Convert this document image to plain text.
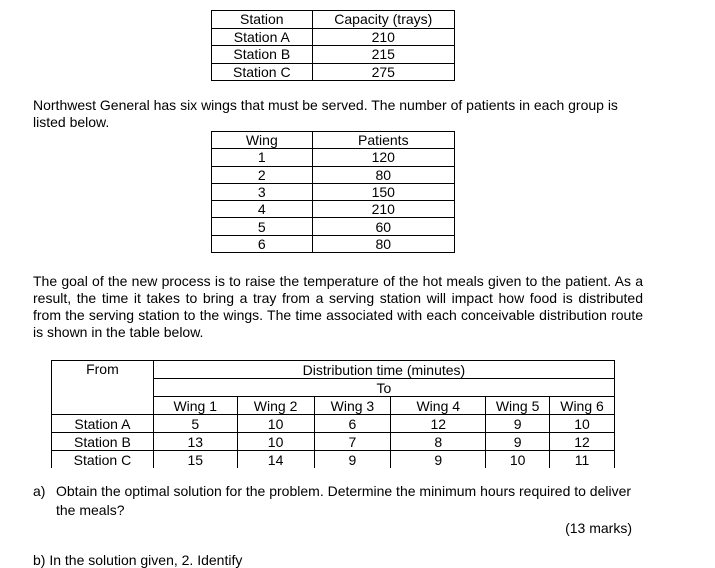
Station	Capacity (trays)
Station A	210
Station B	215
Station C	275
Northwest General has six wings that must be served. The number of patients in each group is listed below.
Wing	Patients
1	120
2	80
3	150
4	210
5	60
6	80
The goal of the new process is to raise the temperature of the hot meals given to the patient. As a result, the time it takes to bring a tray from a serving station will impact how food is distributed from the serving station to the wings. The time associated with each conceivable distribution route is shown in the table below.
From	Distribution time (minutes)					
	To					
	Wing 1	Wing 2	Wing 3	Wing 4	Wing 5	Wing 6
Station A	5	10	6	12	9	10
Station B	13	10	7	8	9	12
Station C	15	14	9	9	10	11
a) Obtain the optimal solution for the problem. Determine the minimum hours required to deliver the meals?
(13 marks)
b) In the solution given, 2. Identify
